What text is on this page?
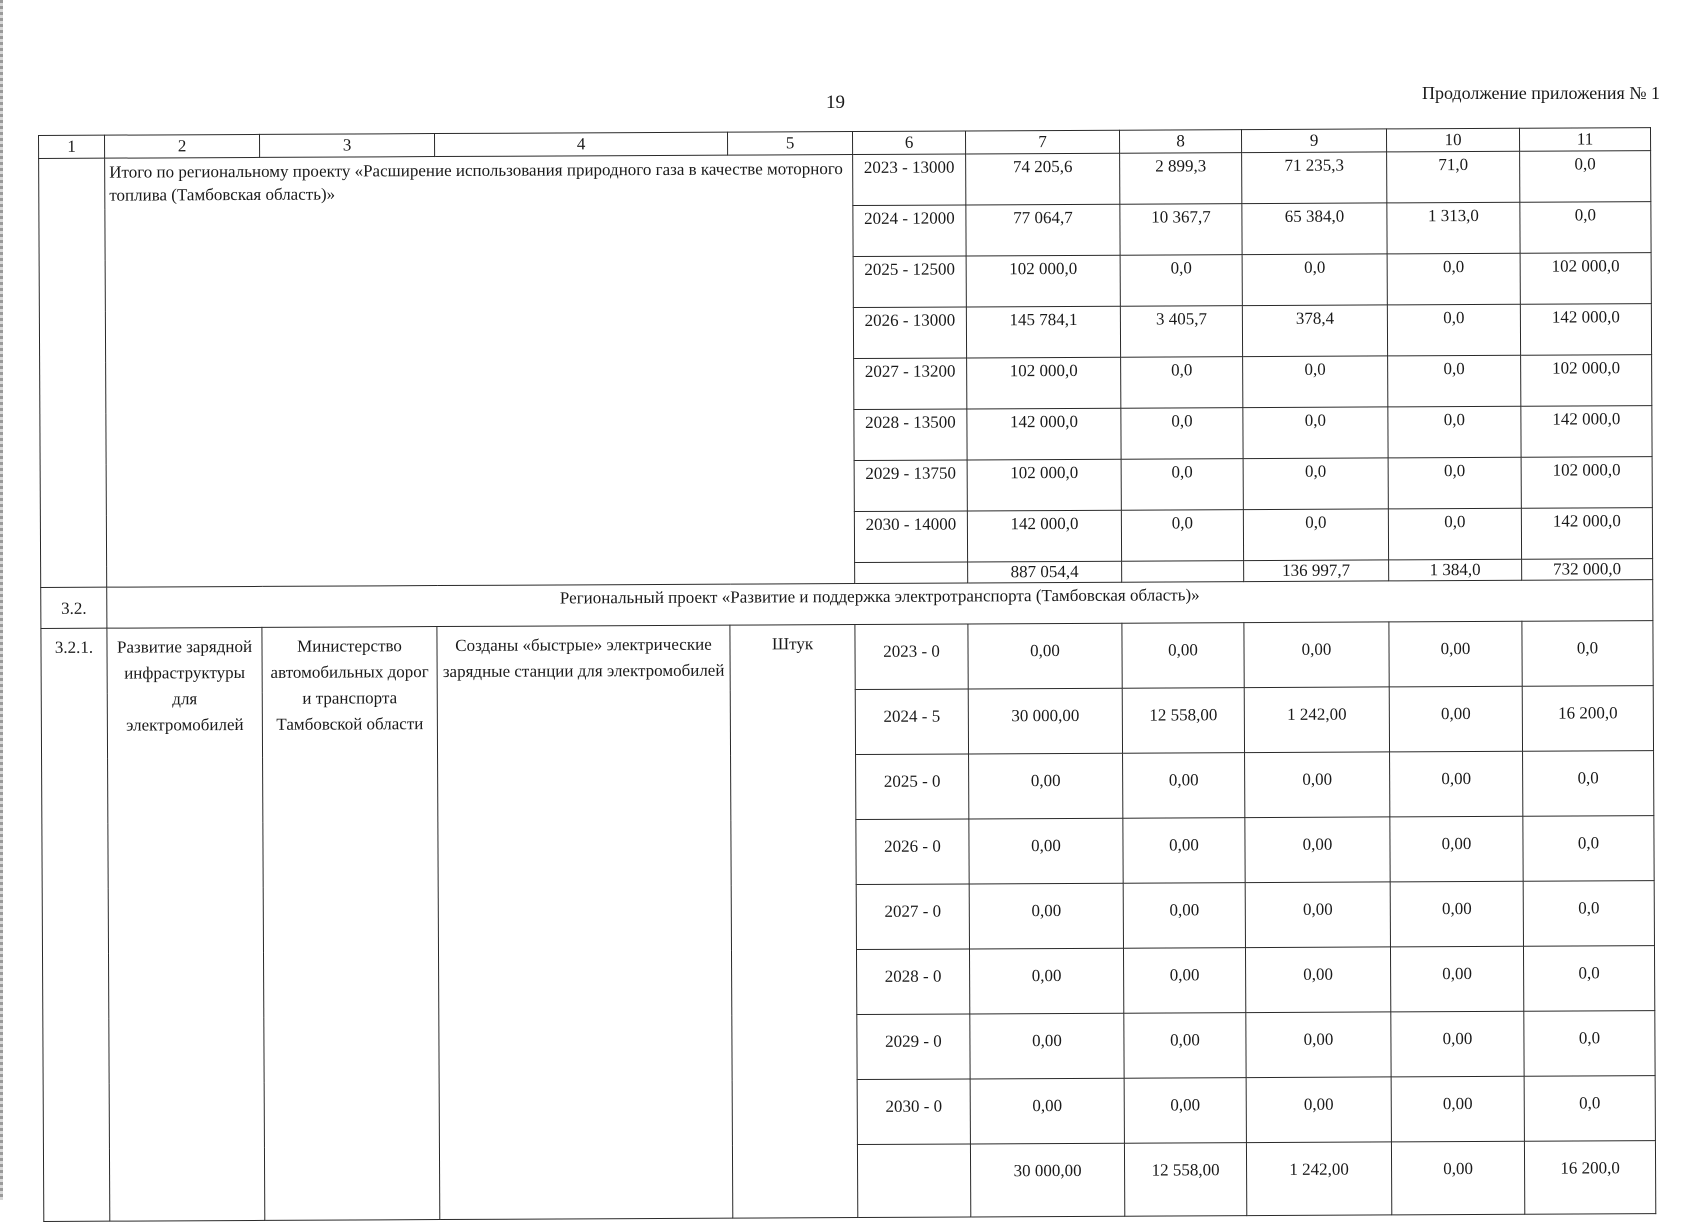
19	Продолжение приложения № 1
1	2	3	4	5	6	7	8	9	10	11
	Итого по региональному проекту «Расширение использования природного газа в качестве моторного топлива (Тамбовская область)»				2023 - 13000	74 205,6	2 899,3	71 235,3	71,0	0,0
					2024 - 12000	77 064,7	10 367,7	65 384,0	1 313,0	0,0
					2025 - 12500	102 000,0	0,0	0,0	0,0	102 000,0
					2026 - 13000	145 784,1	3 405,7	378,4	0,0	142 000,0
					2027 - 13200	102 000,0	0,0	0,0	0,0	102 000,0
					2028 - 13500	142 000,0	0,0	0,0	0,0	142 000,0
					2029 - 13750	102 000,0	0,0	0,0	0,0	102 000,0
					2030 - 14000	142 000,0	0,0	0,0	0,0	142 000,0
						887 054,4		136 997,7	1 384,0	732 000,0
3.2.	Региональный проект «Развитие и поддержка электротранспорта (Тамбовская область)»									
3.2.1.	Развитие зарядной инфраструктуры для электромобилей	Министерство автомобильных дорог и транспорта Тамбовской области	Созданы «быстрые» электрические зарядные станции для электромобилей	Штук	2023 - 0	0,00	0,00	0,00	0,00	0,0
					2024 - 5	30 000,00	12 558,00	1 242,00	0,00	16 200,0
					2025 - 0	0,00	0,00	0,00	0,00	0,0
					2026 - 0	0,00	0,00	0,00	0,00	0,0
					2027 - 0	0,00	0,00	0,00	0,00	0,0
					2028 - 0	0,00	0,00	0,00	0,00	0,0
					2029 - 0	0,00	0,00	0,00	0,00	0,0
					2030 - 0	0,00	0,00	0,00	0,00	0,0
						30 000,00	12 558,00	1 242,00	0,00	16 200,0
